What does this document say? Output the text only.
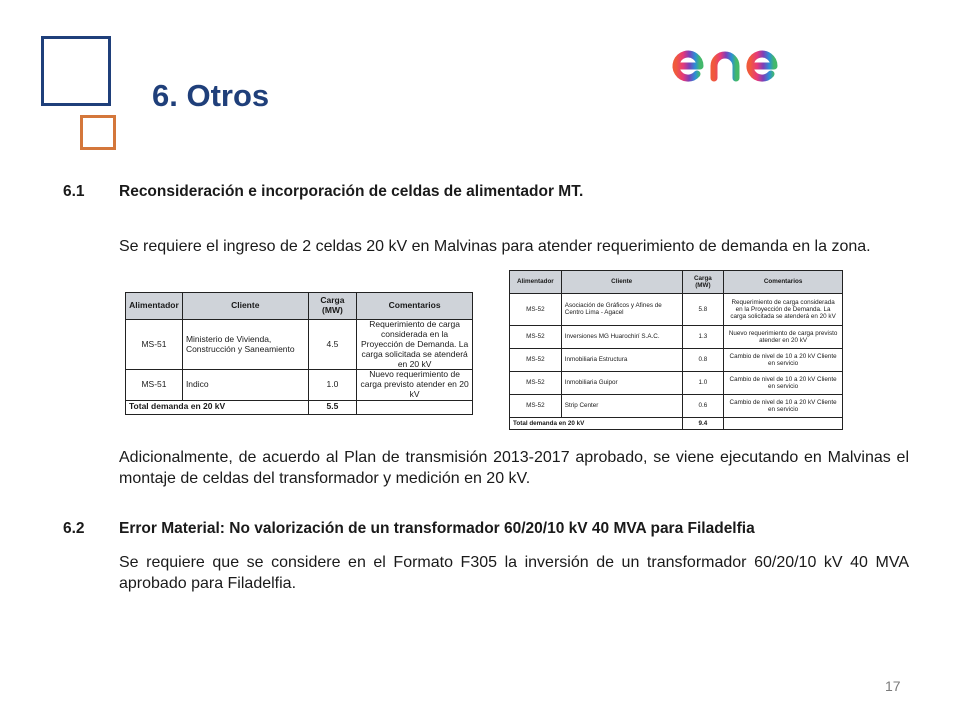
6. Otros
6.1 Reconsideración e incorporación de celdas de alimentador MT.

Se requiere el ingreso de 2 celdas 20 kV en Malvinas para atender requerimiento de demanda en la zona.

Alimentador	Cliente	Carga (MW)	Comentarios
MS-51	Ministerio de Vivienda, Construcción y Saneamiento	4.5	Requerimiento de carga considerada en la Proyección de Demanda. La carga solicitada se atenderá en 20 kV
MS-51	Indico	1.0	Nuevo requerimiento de carga previsto atender en 20 kV
Total demanda en 20 kV		5.5	
Alimentador	Cliente	Carga (MW)	Comentarios
MS-52	Asociación de Gráficos y Afines de Centro Lima - Agacel	5.8	Requerimiento de carga considerada en la Proyección de Demanda. La carga solicitada se atenderá en 20 kV
MS-52	Inversiones MG Huarochirí S.A.C.	1.3	Nuevo requerimiento de carga previsto atender en 20 kV
MS-52	Inmobiliaria Estructura	0.8	Cambio de nivel de 10 a 20 kV Cliente en servicio
MS-52	Inmobiliaria Guipor	1.0	Cambio de nivel de 10 a 20 kV Cliente en servicio
MS-52	Strip Center	0.6	Cambio de nivel de 10 a 20 kV Cliente en servicio
Total demanda en 20 kV		9.4	

Adicionalmente, de acuerdo al Plan de transmisión 2013-2017 aprobado, se viene ejecutando en Malvinas el montaje de celdas del transformador y medición en 20 kV.

6.2 Error Material: No valorización de un transformador 60/20/10 kV 40 MVA para Filadelfia

Se requiere que se considere en el Formato F305 la inversión de un transformador 60/20/10 kV 40 MVA aprobado para Filadelfia.

17
